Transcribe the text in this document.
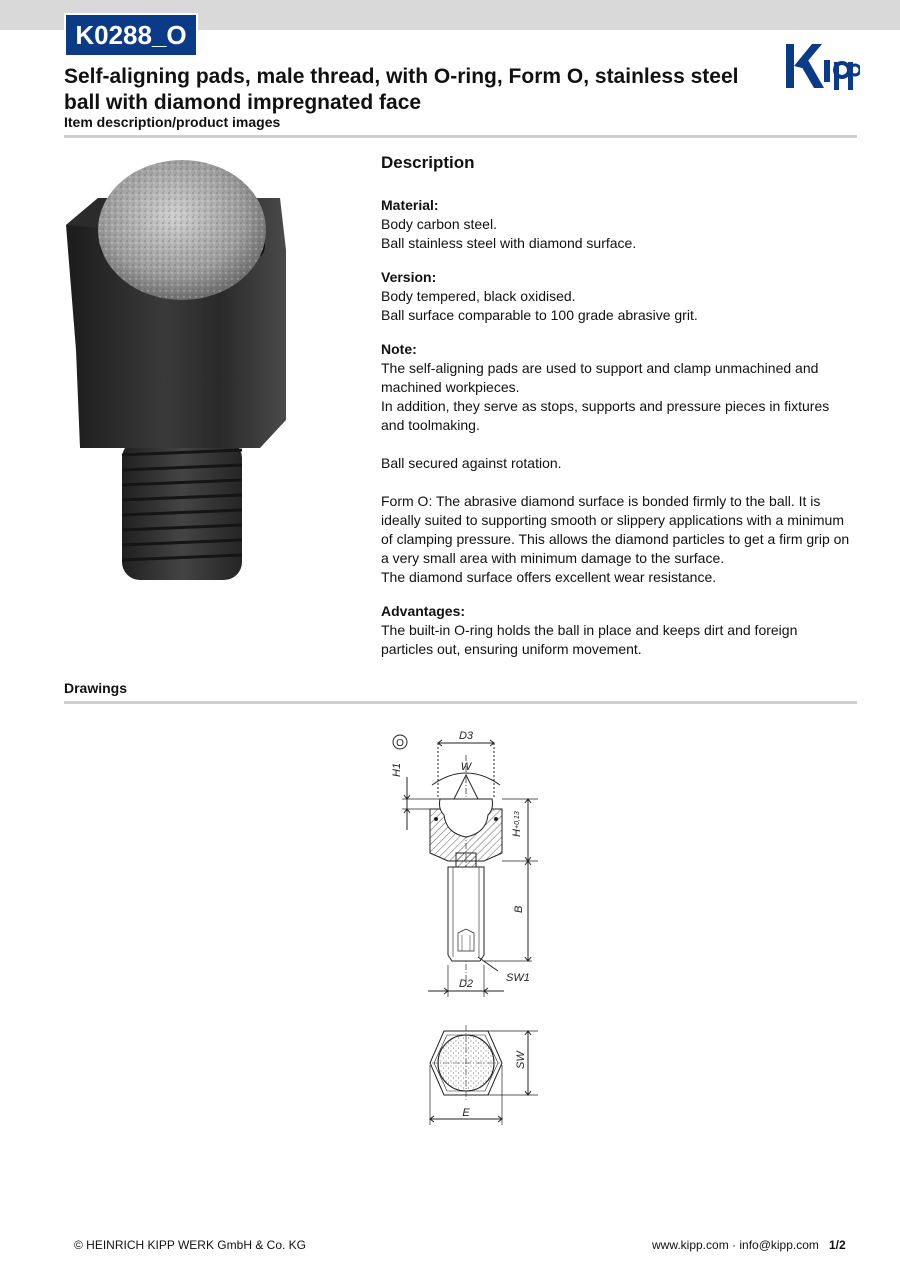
K0288_O
Self-aligning pads, male thread, with O-ring, Form O, stainless steel ball with diamond impregnated face
Item description/product images
Description
Material:

Body carbon steel.

Ball stainless steel with diamond surface.

Version:

Body tempered, black oxidised.

Ball surface comparable to 100 grade abrasive grit.

Note:

The self-aligning pads are used to support and clamp unmachined and machined workpieces.

In addition, they serve as stops, supports and pressure pieces in fixtures and toolmaking.

Ball secured against rotation.

Form O: The abrasive diamond surface is bonded firmly to the ball. It is ideally suited to supporting smooth or slippery applications with a minimum of clamping pressure. This allows the diamond particles to get a firm grip on a very small area with minimum damage to the surface.

The diamond surface offers excellent wear resistance.

Advantages:

The built-in O-ring holds the ball in place and keeps dirt and foreign particles out, ensuring uniform movement.

Drawings
O
D3
W
H1
H
+0,13
B
SW1
D2
SW
E
© HEINRICH KIPP WERK GmbH & Co. KG	www.kipp.com · info@kipp.com 1/2
